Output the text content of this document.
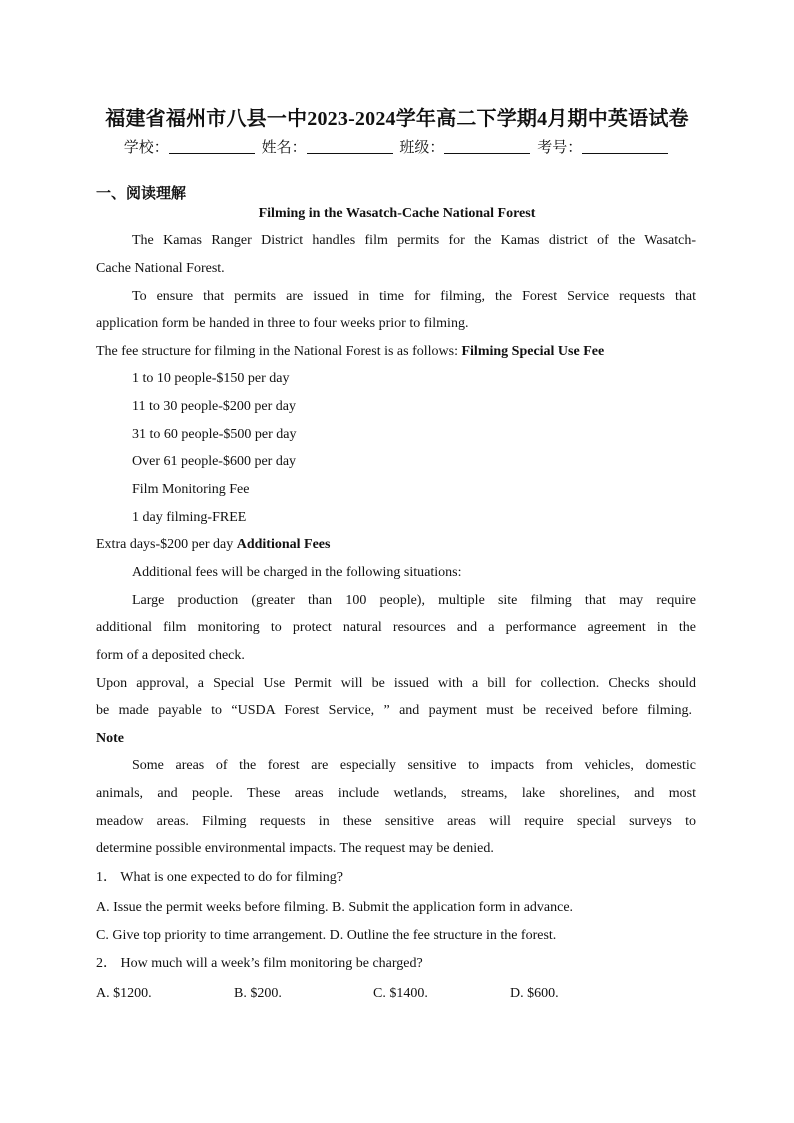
福建省福州市八县一中2023-2024学年高二下学期4月期中英语试卷
学校：	姓名：	班级：	考号：
一、阅读理解
Filming in the Wasatch-Cache National Forest
The Kamas Ranger District handles film permits for the Kamas district of the Wasatch-
Cache National Forest.
To ensure that permits are issued in time for filming, the Forest Service requests that
application form be handed in three to four weeks prior to filming.
The fee structure for filming in the National Forest is as follows: Filming Special Use Fee
1 to 10 people-$150 per day
11 to 30 people-$200 per day
31 to 60 people-$500 per day
Over 61 people-$600 per day
Film Monitoring Fee
1 day filming-FREE
Extra days-$200 per day Additional Fees
Additional fees will be charged in the following situations:
Large production (greater than 100 people), multiple site filming that may require
additional film monitoring to protect natural resources and a performance agreement in the
form of a deposited check.
Upon approval, a Special Use Permit will be issued with a bill for collection. Checks should
be made payable to “USDA Forest Service, ” and payment must be received before filming.
Note
Some areas of the forest are especially sensitive to impacts from vehicles, domestic
animals, and people. These areas include wetlands, streams, lake shorelines, and most
meadow areas. Filming requests in these sensitive areas will require special surveys to
determine possible environmental impacts. The request may be denied.
1． What is one expected to do for filming?
A. Issue the permit weeks before filming. B. Submit the application form in advance.
C. Give top priority to time arrangement. D. Outline the fee structure in the forest.
2． How much will a week’s film monitoring be charged?
A. $1200.	B. $200.	C. $1400.	D. $600.
